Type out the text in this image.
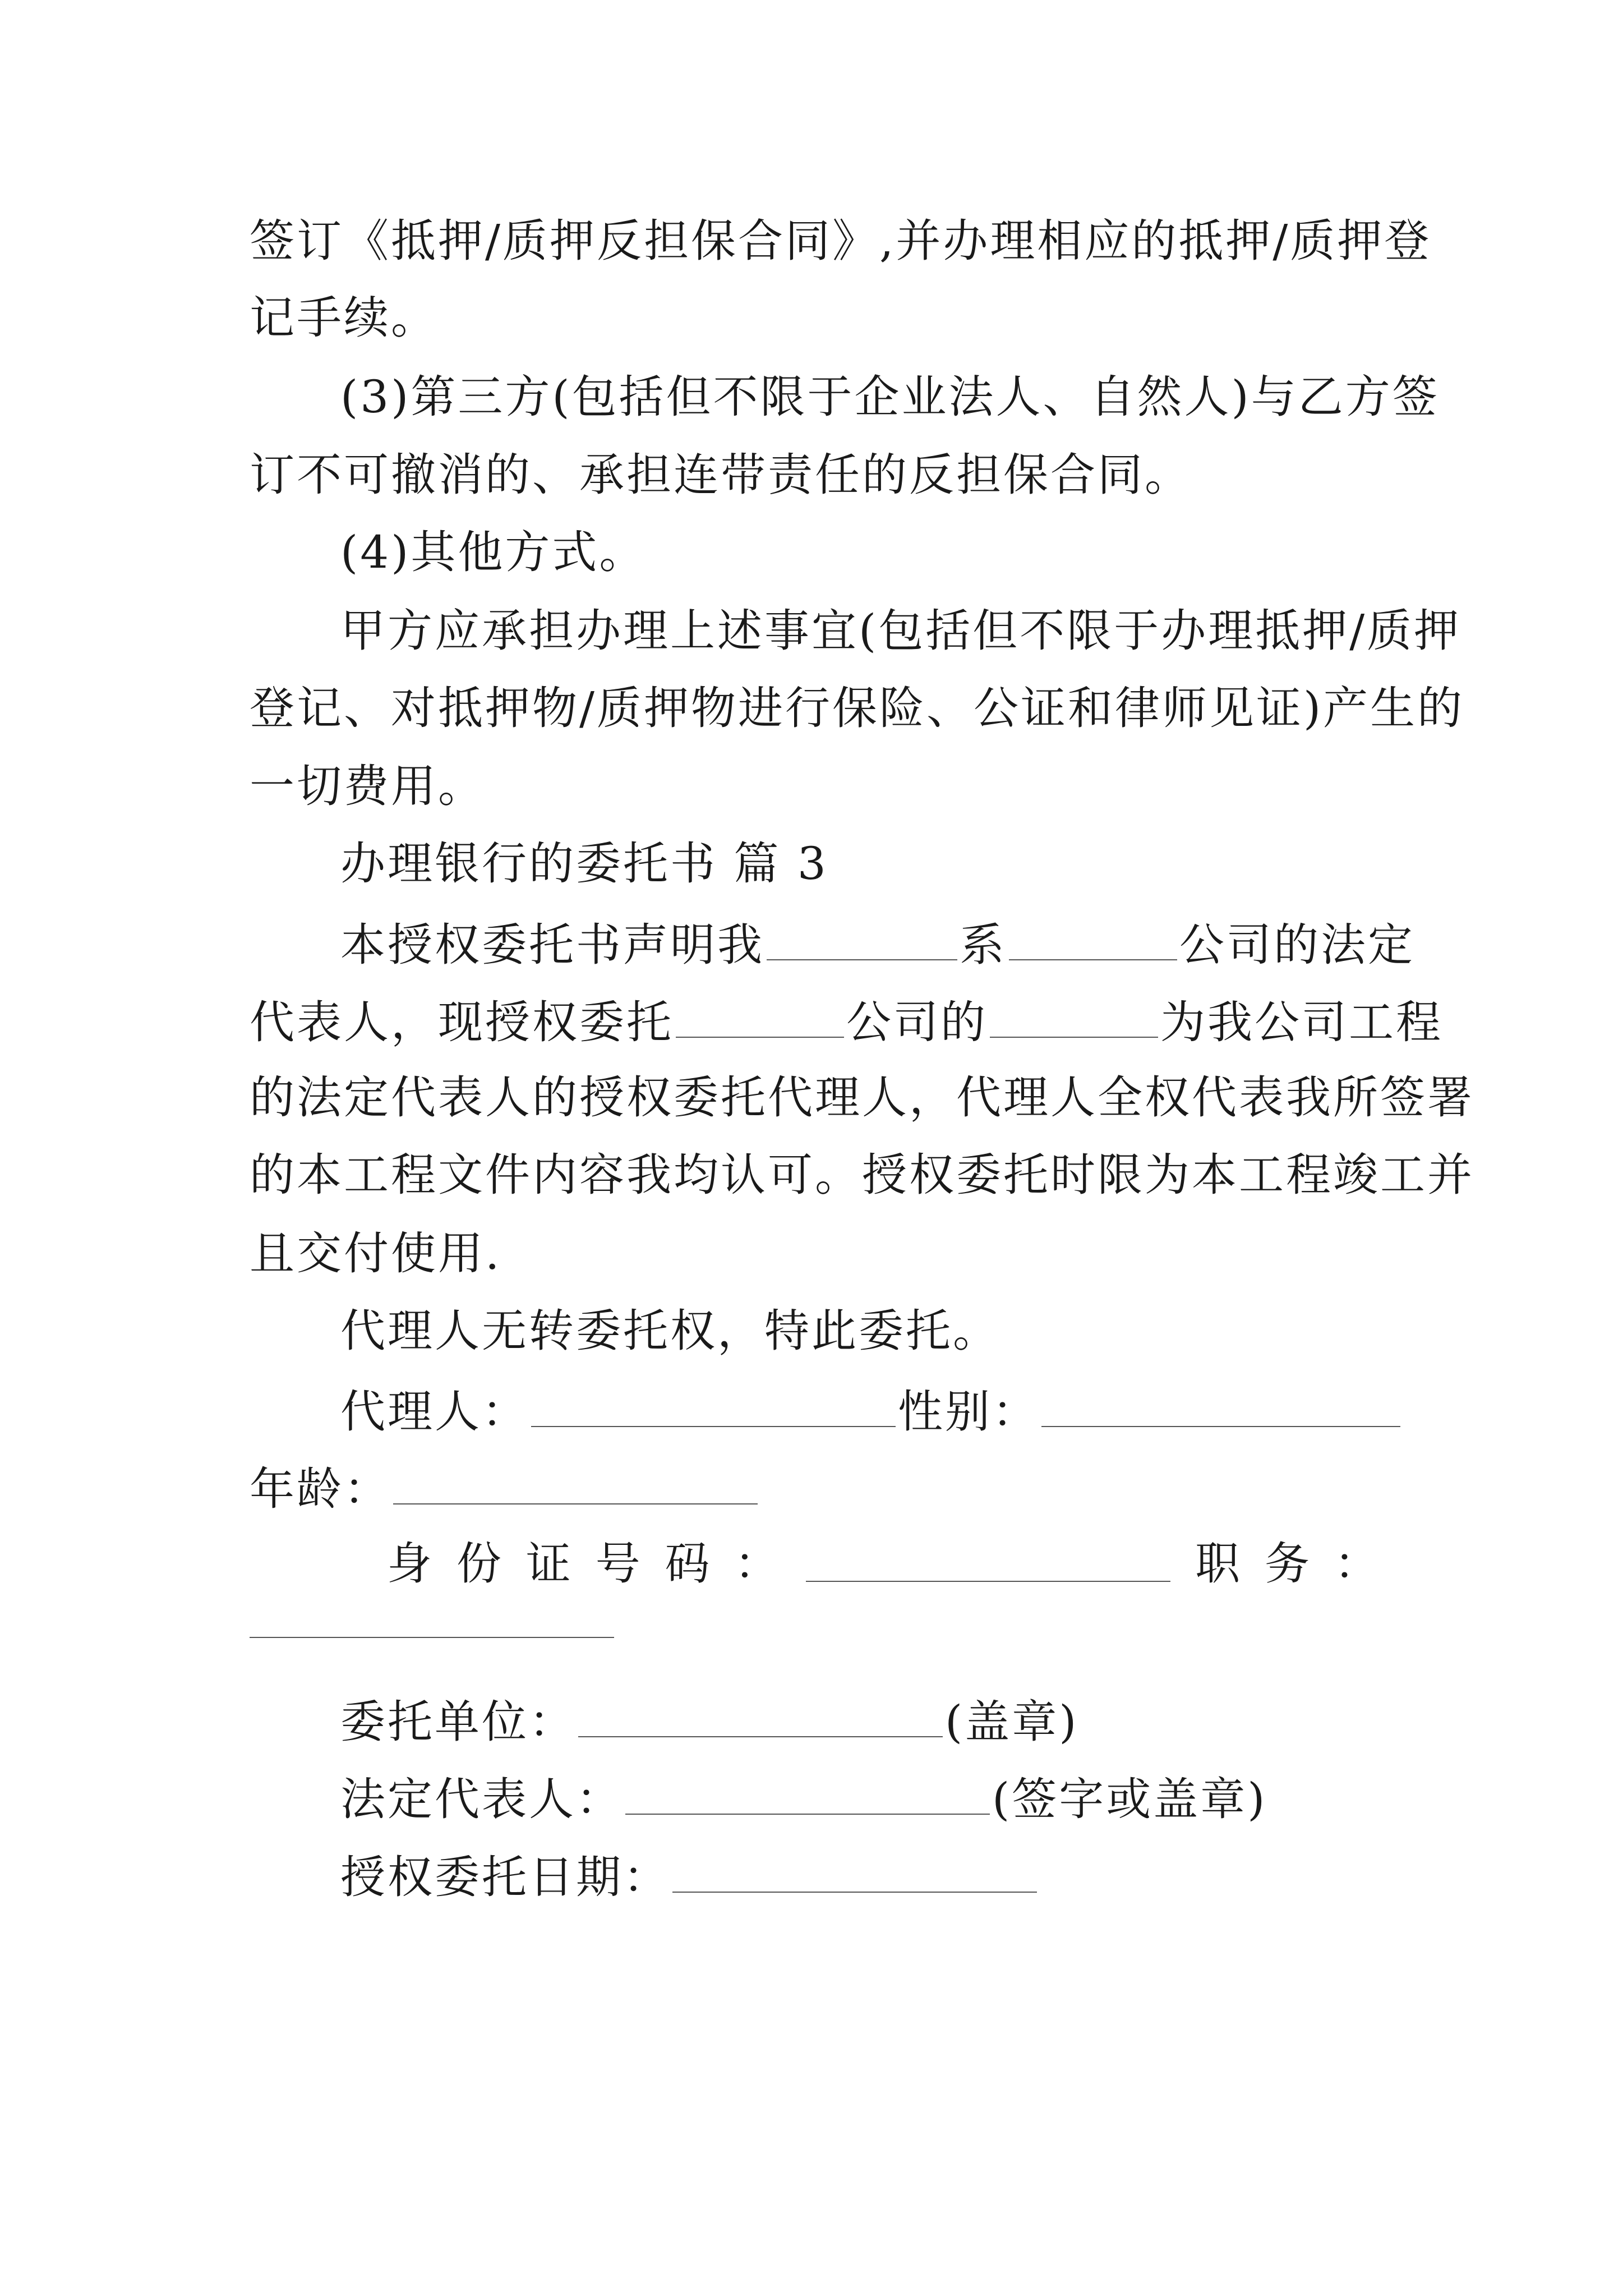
签订《抵押/质押反担保合同》,并办理相应的抵押/质押登
记手续。
(3)第三方(包括但不限于企业法人、自然人)与乙方签
订不可撤消的、承担连带责任的反担保合同。
(4)其他方式。
甲方应承担办理上述事宜(包括但不限于办理抵押/质押
登记、对抵押物/质押物进行保险、公证和律师见证)产生的
一切费用。
办理银行的委托书 篇 3
本授权委托书声明我	系	公司的法定
代表人，现授权委托	公司的	为我公司工程
的法定代表人的授权委托代理人，代理人全权代表我所签署
的本工程文件内容我均认可。授权委托时限为本工程竣工并
且交付使用.
代理人无转委托权，特此委托。
代理人：	性别：
年龄：
身 份 证 号 码 ：	职 务 ：
委托单位：	(盖章)
法定代表人：	(签字或盖章)
授权委托日期：
